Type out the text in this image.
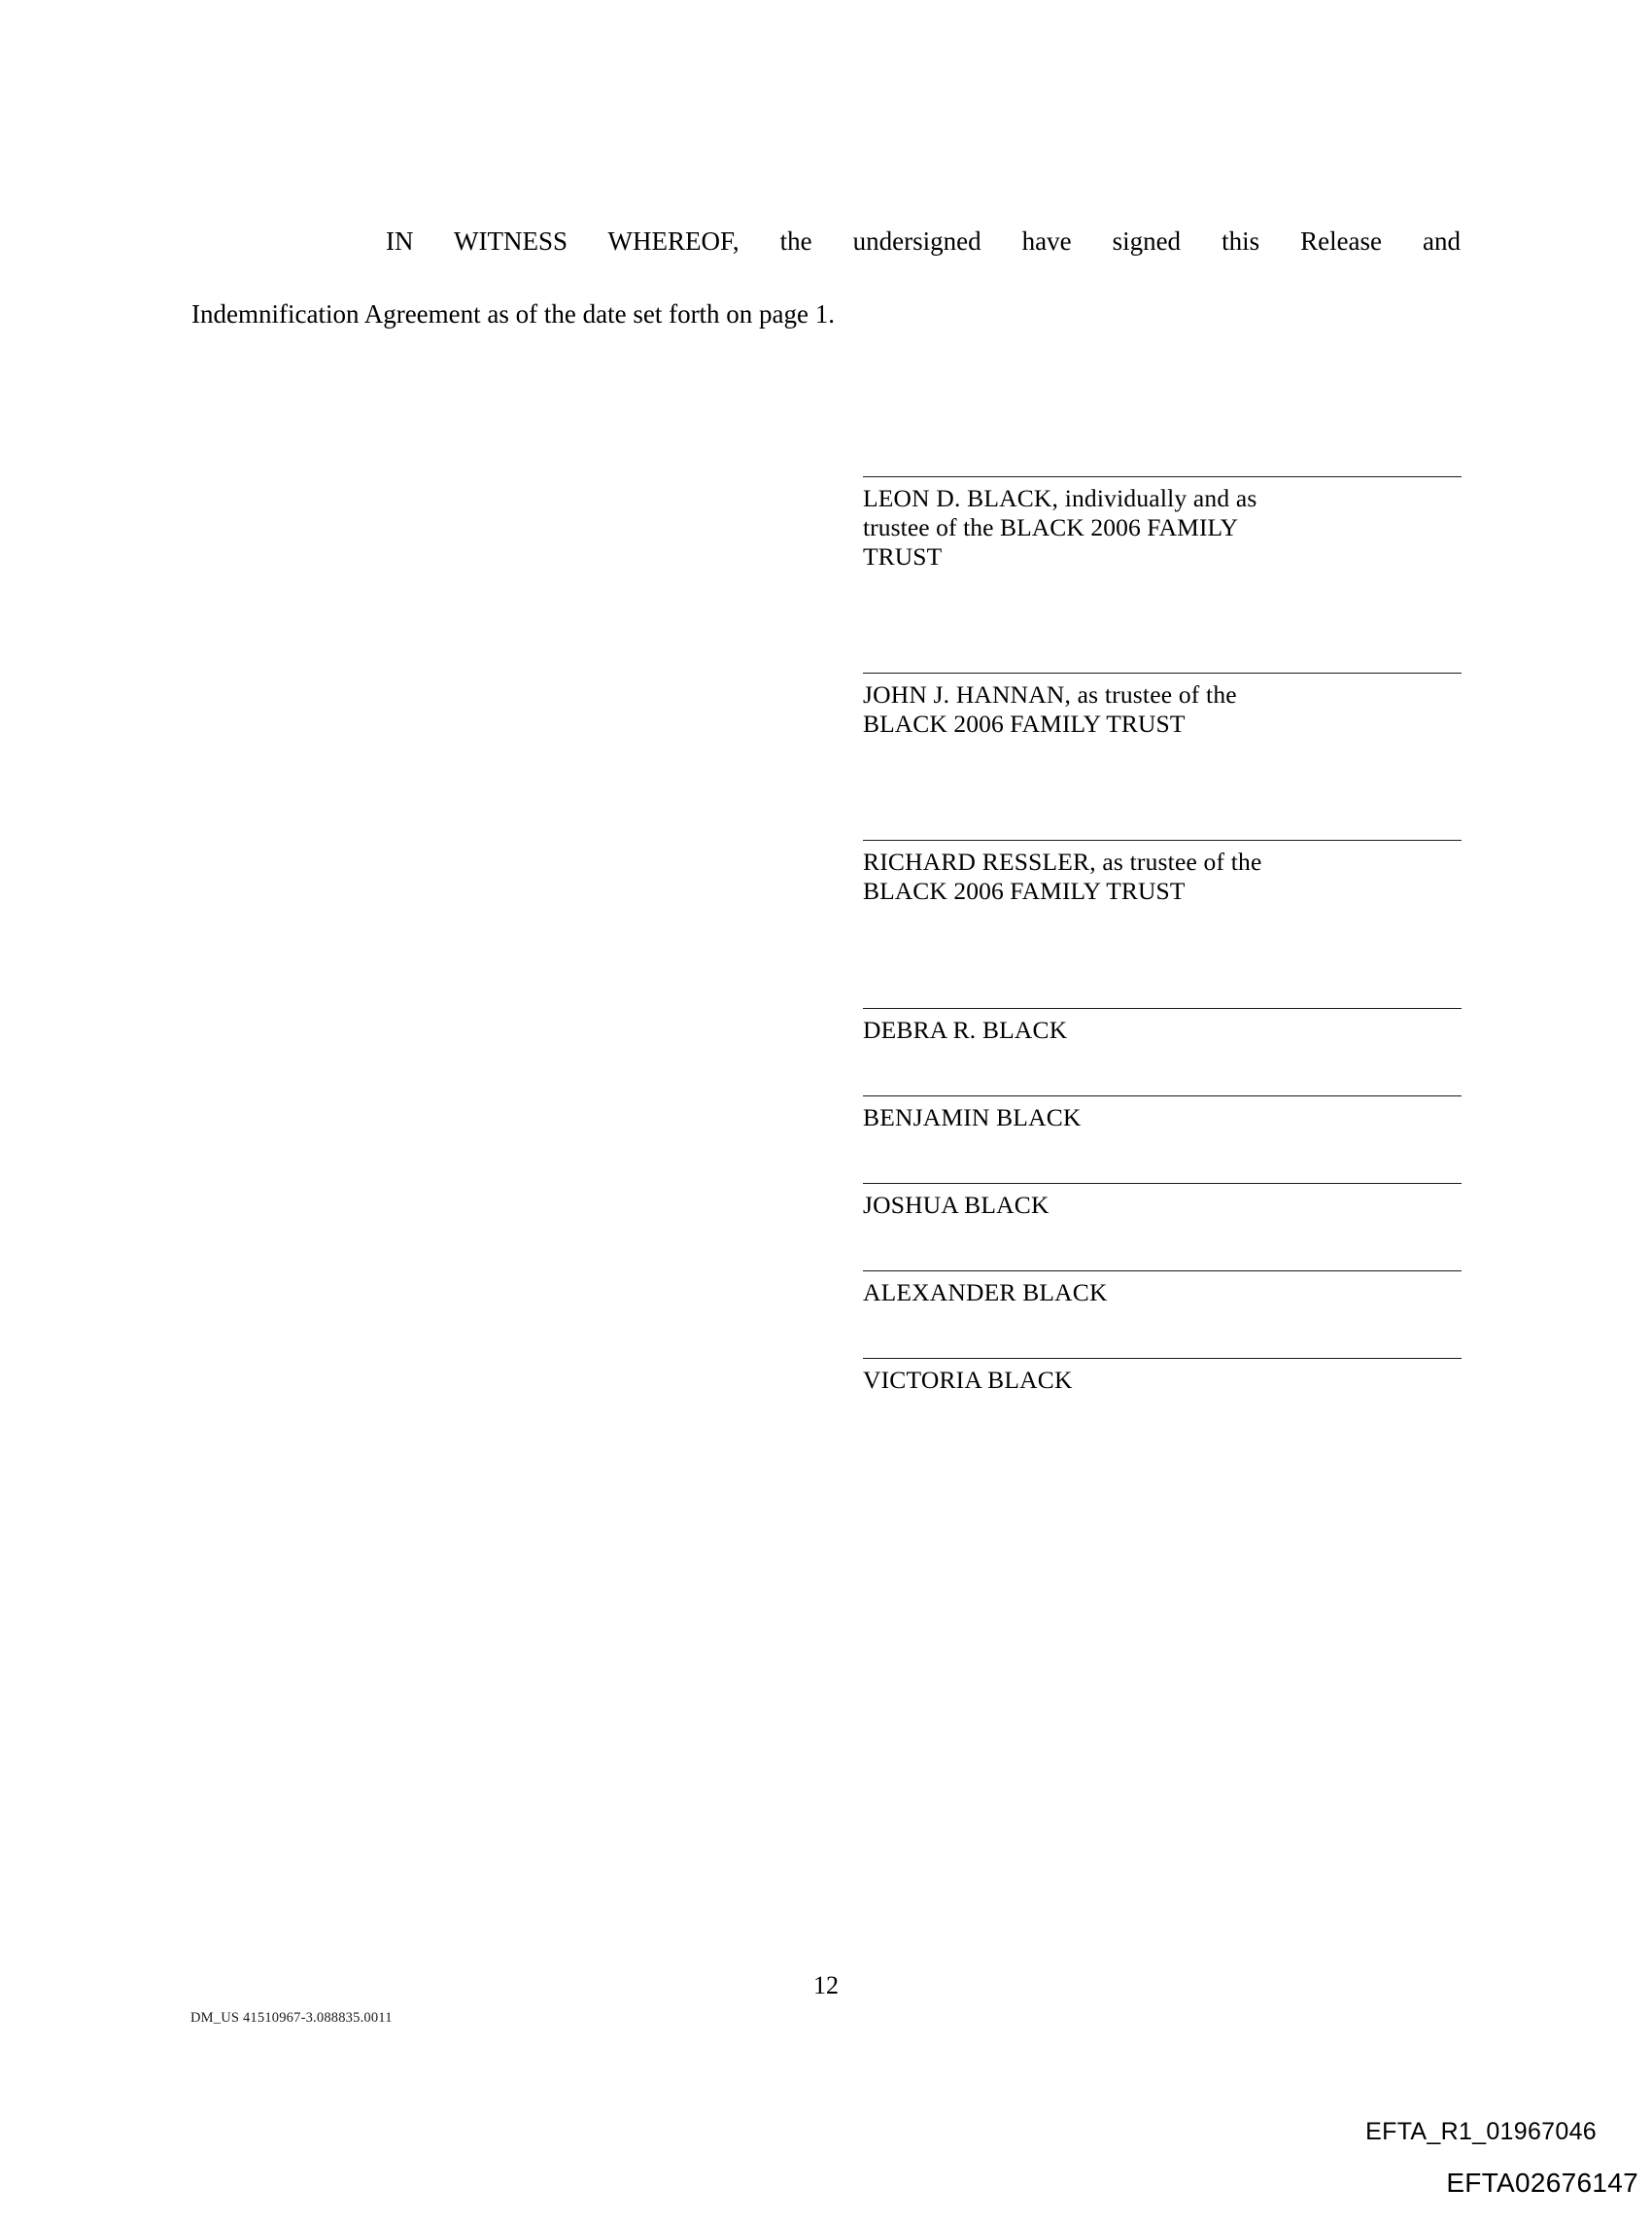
IN WITNESS WHEREOF, the undersigned have signed this Release and
Indemnification Agreement as of the date set forth on page 1.
LEON D. BLACK, individually and as
trustee of the BLACK 2006 FAMILY
TRUST
JOHN J. HANNAN, as trustee of the
BLACK 2006 FAMILY TRUST
RICHARD RESSLER, as trustee of the
BLACK 2006 FAMILY TRUST
DEBRA R. BLACK
BENJAMIN BLACK
JOSHUA BLACK
ALEXANDER BLACK
VICTORIA BLACK
12
DM_US 41510967-3.088835.0011
EFTA_R1_01967046
EFTA02676147
